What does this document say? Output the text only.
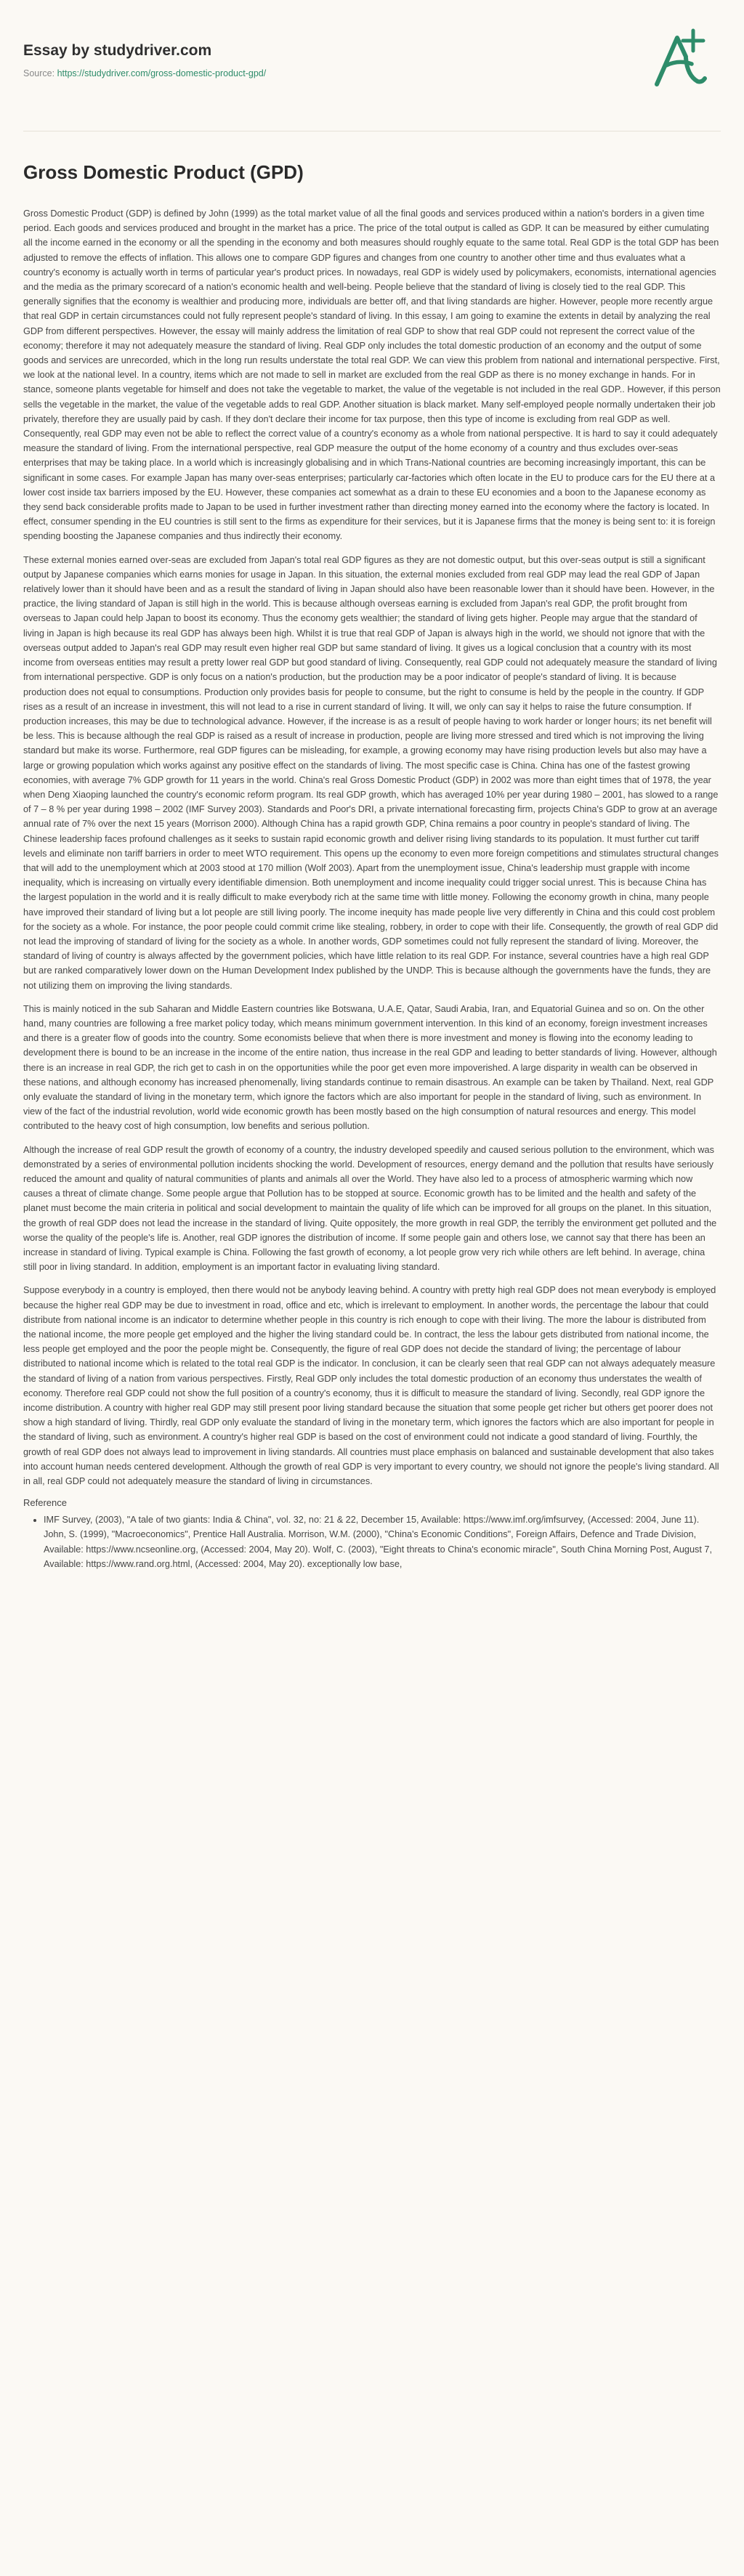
Essay by studydriver.com
Source: https://studydriver.com/gross-domestic-product-gpd/
Gross Domestic Product (GPD)

Gross Domestic Product (GDP) is defined by John (1999) as the total market value of all the final goods and services produced within a nation's borders in a given time period. Each goods and services produced and brought in the market has a price. The price of the total output is called as GDP. It can be measured by either cumulating all the income earned in the economy or all the spending in the economy and both measures should roughly equate to the same total. Real GDP is the total GDP has been adjusted to remove the effects of inflation. This allows one to compare GDP figures and changes from one country to another other time and thus evaluates what a country's economy is actually worth in terms of particular year's product prices. In nowadays, real GDP is widely used by policymakers, economists, international agencies and the media as the primary scorecard of a nation's economic health and well-being. People believe that the standard of living is closely tied to the real GDP. This generally signifies that the economy is wealthier and producing more, individuals are better off, and that living standards are higher. However, people more recently argue that real GDP in certain circumstances could not fully represent people's standard of living. In this essay, I am going to examine the extents in detail by analyzing the real GDP from different perspectives. However, the essay will mainly address the limitation of real GDP to show that real GDP could not represent the correct value of the economy; therefore it may not adequately measure the standard of living. Real GDP only includes the total domestic production of an economy and the output of some goods and services are unrecorded, which in the long run results understate the total real GDP. We can view this problem from national and international perspective. First, we look at the national level. In a country, items which are not made to sell in market are excluded from the real GDP as there is no money exchange in hands. For in stance, someone plants vegetable for himself and does not take the vegetable to market, the value of the vegetable is not included in the real GDP.. However, if this person sells the vegetable in the market, the value of the vegetable adds to real GDP. Another situation is black market. Many self-employed people normally undertaken their job privately, therefore they are usually paid by cash. If they don't declare their income for tax purpose, then this type of income is excluding from real GDP as well. Consequently, real GDP may even not be able to reflect the correct value of a country's economy as a whole from national perspective. It is hard to say it could adequately measure the standard of living. From the international perspective, real GDP measure the output of the home economy of a country and thus excludes over-seas enterprises that may be taking place. In a world which is increasingly globalising and in which Trans-National countries are becoming increasingly important, this can be significant in some cases. For example Japan has many over-seas enterprises; particularly car-factories which often locate in the EU to produce cars for the EU there at a lower cost inside tax barriers imposed by the EU. However, these companies act somewhat as a drain to these EU economies and a boon to the Japanese economy as they send back considerable profits made to Japan to be used in further investment rather than directing money earned into the economy where the factory is located. In effect, consumer spending in the EU countries is still sent to the firms as expenditure for their services, but it is Japanese firms that the money is being sent to: it is foreign spending boosting the Japanese companies and thus indirectly their economy.

These external monies earned over-seas are excluded from Japan's total real GDP figures as they are not domestic output, but this over-seas output is still a significant output by Japanese companies which earns monies for usage in Japan. In this situation, the external monies excluded from real GDP may lead the real GDP of Japan relatively lower than it should have been and as a result the standard of living in Japan should also have been reasonable lower than it should have been. However, in the practice, the living standard of Japan is still high in the world. This is because although overseas earning is excluded from Japan's real GDP, the profit brought from overseas to Japan could help Japan to boost its economy. Thus the economy gets wealthier; the standard of living gets higher. People may argue that the standard of living in Japan is high because its real GDP has always been high. Whilst it is true that real GDP of Japan is always high in the world, we should not ignore that with the overseas output added to Japan's real GDP may result even higher real GDP but same standard of living. It gives us a logical conclusion that a country with its most income from overseas entities may result a pretty lower real GDP but good standard of living. Consequently, real GDP could not adequately measure the standard of living from international perspective. GDP is only focus on a nation's production, but the production may be a poor indicator of people's standard of living. It is because production does not equal to consumptions. Production only provides basis for people to consume, but the right to consume is held by the people in the country. If GDP rises as a result of an increase in investment, this will not lead to a rise in current standard of living. It will, we only can say it helps to raise the future consumption. If production increases, this may be due to technological advance. However, if the increase is as a result of people having to work harder or longer hours; its net benefit will be less. This is because although the real GDP is raised as a result of increase in production, people are living more stressed and tired which is not improving the living standard but make its worse. Furthermore, real GDP figures can be misleading, for example, a growing economy may have rising production levels but also may have a large or growing population which works against any positive effect on the standards of living. The most specific case is China. China has one of the fastest growing economies, with average 7% GDP growth for 11 years in the world. China's real Gross Domestic Product (GDP) in 2002 was more than eight times that of 1978, the year when Deng Xiaoping launched the country's economic reform program. Its real GDP growth, which has averaged 10% per year during 1980 – 2001, has slowed to a range of 7 – 8 % per year during 1998 – 2002 (IMF Survey 2003). Standards and Poor's DRI, a private international forecasting firm, projects China's GDP to grow at an average annual rate of 7% over the next 15 years (Morrison 2000). Although China has a rapid growth GDP, China remains a poor country in people's standard of living. The Chinese leadership faces profound challenges as it seeks to sustain rapid economic growth and deliver rising living standards to its population. It must further cut tariff levels and eliminate non tariff barriers in order to meet WTO requirement. This opens up the economy to even more foreign competitions and stimulates structural changes that will add to the unemployment which at 2003 stood at 170 million (Wolf 2003). Apart from the unemployment issue, China's leadership must grapple with income inequality, which is increasing on virtually every identifiable dimension. Both unemployment and income inequality could trigger social unrest. This is because China has the largest population in the world and it is really difficult to make everybody rich at the same time with little money. Following the economy growth in china, many people have improved their standard of living but a lot people are still living poorly. The income inequity has made people live very differently in China and this could cost problem for the society as a whole. For instance, the poor people could commit crime like stealing, robbery, in order to cope with their life. Consequently, the growth of real GDP did not lead the improving of standard of living for the society as a whole. In another words, GDP sometimes could not fully represent the standard of living. Moreover, the standard of living of country is always affected by the government policies, which have little relation to its real GDP. For instance, several countries have a high real GDP but are ranked comparatively lower down on the Human Development Index published by the UNDP. This is because although the governments have the funds, they are not utilizing them on improving the living standards.

This is mainly noticed in the sub Saharan and Middle Eastern countries like Botswana, U.A.E, Qatar, Saudi Arabia, Iran, and Equatorial Guinea and so on. On the other hand, many countries are following a free market policy today, which means minimum government intervention. In this kind of an economy, foreign investment increases and there is a greater flow of goods into the country. Some economists believe that when there is more investment and money is flowing into the economy leading to development there is bound to be an increase in the income of the entire nation, thus increase in the real GDP and leading to better standards of living. However, although there is an increase in real GDP, the rich get to cash in on the opportunities while the poor get even more impoverished. A large disparity in wealth can be observed in these nations, and although economy has increased phenomenally, living standards continue to remain disastrous. An example can be taken by Thailand. Next, real GDP only evaluate the standard of living in the monetary term, which ignore the factors which are also important for people in the standard of living, such as environment. In view of the fact of the industrial revolution, world wide economic growth has been mostly based on the high consumption of natural resources and energy. This model contributed to the heavy cost of high consumption, low benefits and serious pollution.

Although the increase of real GDP result the growth of economy of a country, the industry developed speedily and caused serious pollution to the environment, which was demonstrated by a series of environmental pollution incidents shocking the world. Development of resources, energy demand and the pollution that results have seriously reduced the amount and quality of natural communities of plants and animals all over the World. They have also led to a process of atmospheric warming which now causes a threat of climate change. Some people argue that Pollution has to be stopped at source. Economic growth has to be limited and the health and safety of the planet must become the main criteria in political and social development to maintain the quality of life which can be improved for all groups on the planet. In this situation, the growth of real GDP does not lead the increase in the standard of living. Quite oppositely, the more growth in real GDP, the terribly the environment get polluted and the worse the quality of the people's life is. Another, real GDP ignores the distribution of income. If some people gain and others lose, we cannot say that there has been an increase in standard of living. Typical example is China. Following the fast growth of economy, a lot people grow very rich while others are left behind. In average, china still poor in living standard. In addition, employment is an important factor in evaluating living standard.

Suppose everybody in a country is employed, then there would not be anybody leaving behind. A country with pretty high real GDP does not mean everybody is employed because the higher real GDP may be due to investment in road, office and etc, which is irrelevant to employment. In another words, the percentage the labour that could distribute from national income is an indicator to determine whether people in this country is rich enough to cope with their living. The more the labour is distributed from the national income, the more people get employed and the higher the living standard could be. In contract, the less the labour gets distributed from national income, the less people get employed and the poor the people might be. Consequently, the figure of real GDP does not decide the standard of living; the percentage of labour distributed to national income which is related to the total real GDP is the indicator. In conclusion, it can be clearly seen that real GDP can not always adequately measure the standard of living of a nation from various perspectives. Firstly, Real GDP only includes the total domestic production of an economy thus understates the wealth of economy. Therefore real GDP could not show the full position of a country's economy, thus it is difficult to measure the standard of living. Secondly, real GDP ignore the income distribution. A country with higher real GDP may still present poor living standard because the situation that some people get richer but others get poorer does not show a high standard of living. Thirdly, real GDP only evaluate the standard of living in the monetary term, which ignores the factors which are also important for people in the standard of living, such as environment. A country's higher real GDP is based on the cost of environment could not indicate a good standard of living. Fourthly, the growth of real GDP does not always lead to improvement in living standards. All countries must place emphasis on balanced and sustainable development that also takes into account human needs centered development. Although the growth of real GDP is very important to every country, we should not ignore the people's living standard. All in all, real GDP could not adequately measure the standard of living in circumstances.

Reference
• IMF Survey, (2003), "A tale of two giants: India & China", vol. 32, no: 21 & 22, December 15, Available: https://www.imf.org/imfsurvey, (Accessed: 2004, June 11). John, S. (1999), "Macroeconomics", Prentice Hall Australia. Morrison, W.M. (2000), "China's Economic Conditions", Foreign Affairs, Defence and Trade Division, Available: https://www.ncseonline.org, (Accessed: 2004, May 20). Wolf, C. (2003), "Eight threats to China's economic miracle", South China Morning Post, August 7, Available: https://www.rand.org.html, (Accessed: 2004, May 20). exceptionally low base,
